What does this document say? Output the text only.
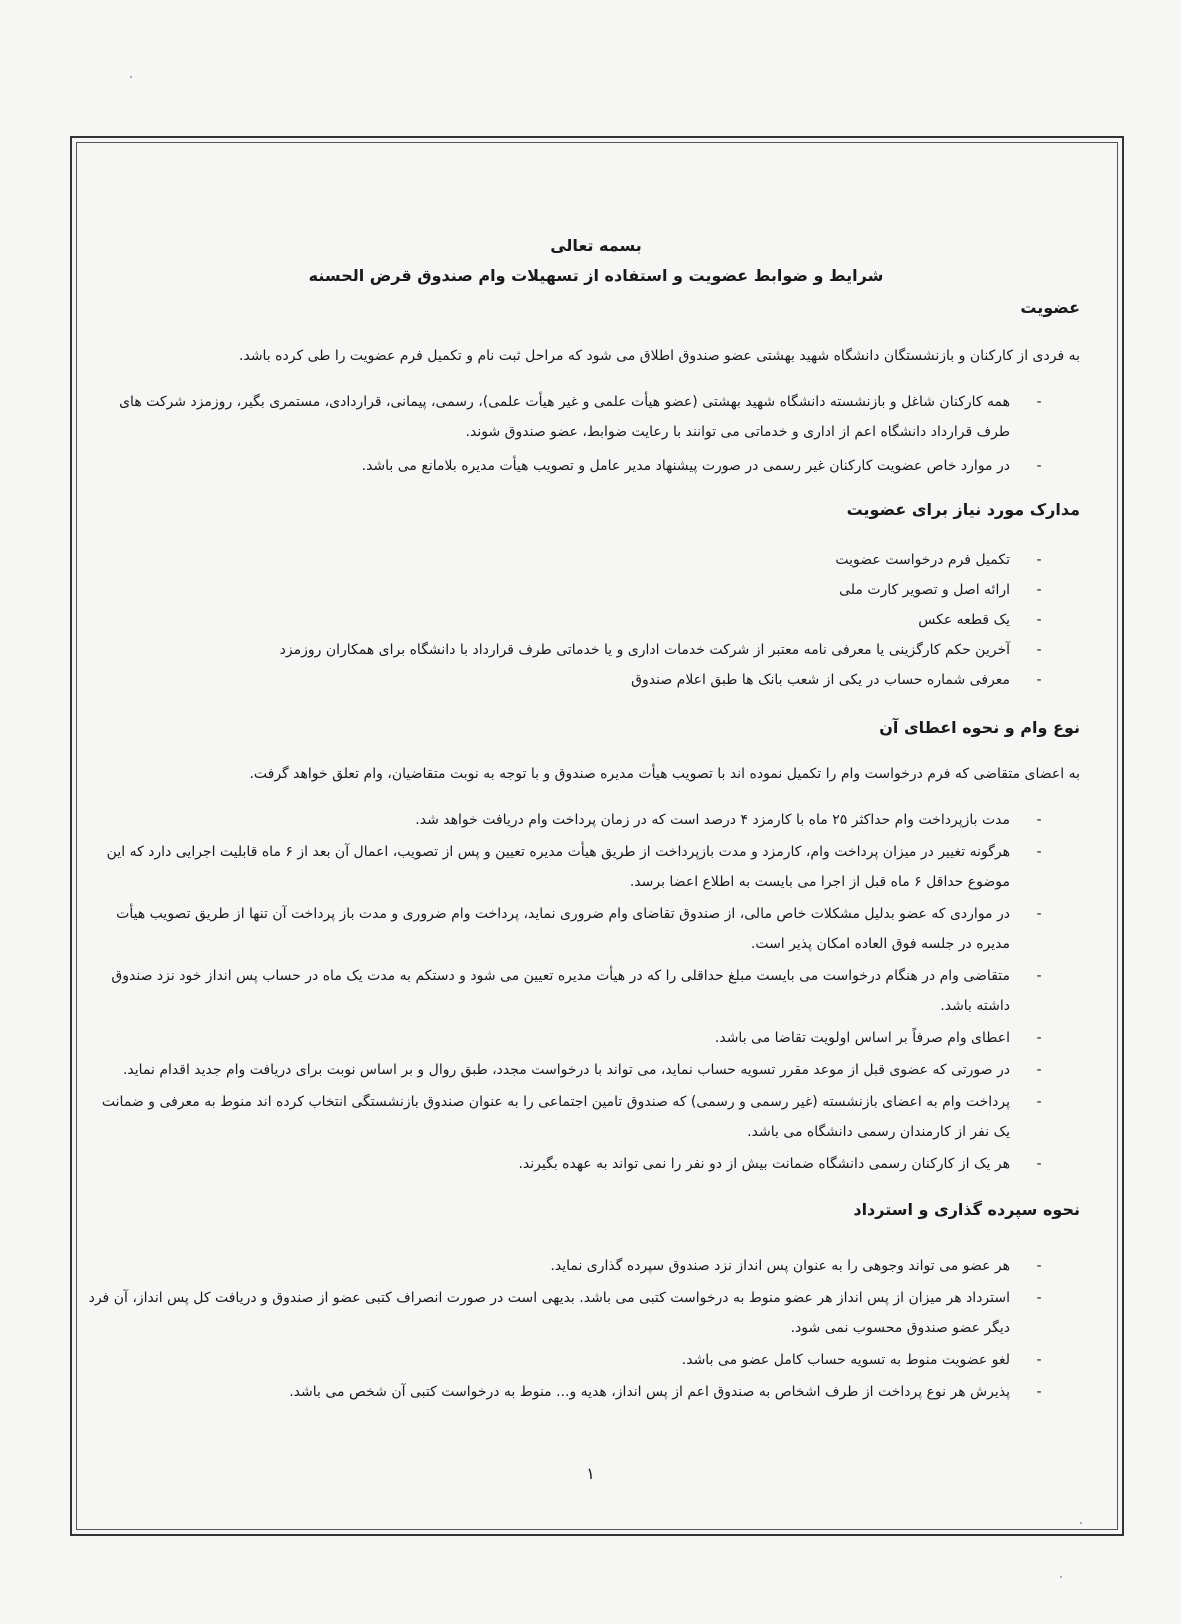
بسمه تعالی
شرایط و ضوابط عضویت و استفاده از تسهیلات وام صندوق قرض الحسنه
عضویت
به فردی از کارکنان و بازنشستگان دانشگاه شهید بهشتی عضو صندوق اطلاق می شود که مراحل ثبت نام و تکمیل فرم عضویت را طی کرده باشد.
-
همه کارکنان شاغل و بازنشسته دانشگاه شهید بهشتی (عضو هیأت علمی و غیر هیأت علمی)، رسمی، پیمانی، قراردادی، مستمری بگیر، روزمزد شرکت های
طرف قرارداد دانشگاه اعم از اداری و خدماتی می توانند با رعایت ضوابط، عضو صندوق شوند.
-
در موارد خاص عضویت کارکنان غیر رسمی در صورت پیشنهاد مدیر عامل و تصویب هیأت مدیره بلامانع می باشد.
مدارک مورد نیاز برای عضویت
-
تکمیل فرم درخواست عضویت
-
ارائه اصل و تصویر کارت ملی
-
یک قطعه عکس
-
آخرین حکم کارگزینی یا معرفی نامه معتبر از شرکت خدمات اداری و یا خدماتی طرف قرارداد با دانشگاه برای همکاران روزمزد
-
معرفی شماره حساب در یکی از شعب بانک ها طبق اعلام صندوق
نوع وام و نحوه اعطای آن
به اعضای متقاضی که فرم درخواست وام را تکمیل نموده اند با تصویب هیأت مدیره صندوق و با توجه به نوبت متقاضیان، وام تعلق خواهد گرفت.
-
مدت بازپرداخت وام حداکثر ۲۵ ماه با کارمزد ۴ درصد است که در زمان پرداخت وام دریافت خواهد شد.
-
هرگونه تغییر در میزان پرداخت وام، کارمزد و مدت بازپرداخت از طریق هیأت مدیره تعیین و پس از تصویب، اعمال آن بعد از ۶ ماه قابلیت اجرایی دارد که این
موضوع حداقل ۶ ماه قبل از اجرا می بایست به اطلاع اعضا برسد.
-
در مواردی که عضو بدلیل مشکلات خاص مالی، از صندوق تقاضای وام ضروری نماید، پرداخت وام ضروری و مدت باز پرداخت آن تنها از طریق تصویب هیأت
مدیره در جلسه فوق العاده امکان پذیر است.
-
متقاضی وام در هنگام درخواست می بایست مبلغ حداقلی را که در هیأت مدیره تعیین می شود و دستکم به مدت یک ماه در حساب پس انداز خود نزد صندوق
داشته باشد.
-
اعطای وام صرفاً بر اساس اولویت تقاضا می باشد.
-
در صورتی که عضوی قبل از موعد مقرر تسویه حساب نماید، می تواند با درخواست مجدد، طبق روال و بر اساس نوبت برای دریافت وام جدید اقدام نماید.
-
پرداخت وام به اعضای بازنشسته (غیر رسمی و رسمی) که صندوق تامین اجتماعی را به عنوان صندوق بازنشستگی انتخاب کرده اند منوط به معرفی و ضمانت
یک نفر از کارمندان رسمی دانشگاه می باشد.
-
هر یک از کارکنان رسمی دانشگاه ضمانت بیش از دو نفر را نمی تواند به عهده بگیرند.
نحوه سپرده گذاری و استرداد
-
هر عضو می تواند وجوهی را به عنوان پس انداز نزد صندوق سپرده گذاری نماید.
-
استرداد هر میزان از پس انداز هر عضو منوط به درخواست کتبی می باشد. بدیهی است در صورت انصراف کتبی عضو از صندوق و دریافت کل پس انداز، آن فرد
دیگر عضو صندوق محسوب نمی شود.
-
لغو عضویت منوط به تسویه حساب کامل عضو می باشد.
-
پذیرش هر نوع پرداخت از طرف اشخاص به صندوق اعم از پس انداز، هدیه و... منوط به درخواست کتبی آن شخص می باشد.
۱
